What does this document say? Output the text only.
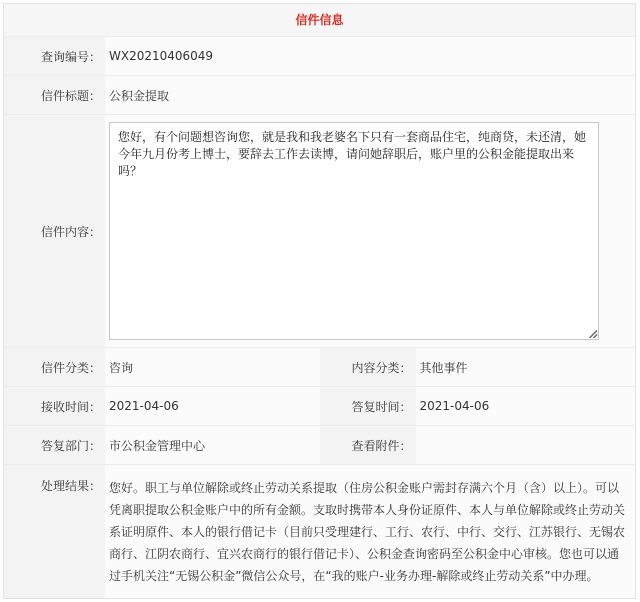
信件信息
查询编号： WX20210406049
信件标题： 公积金提取
信件内容：
您好，有个问题想咨询您，就是我和我老婆名下只有一套商品住宅，纯商贷，未还清，她今年九月份考上博士，要辞去工作去读博，请问她辞职后，账户里的公积金能提取出来吗？
信件分类： 咨询	内容分类： 其他事件
接收时间： 2021-04-06	答复时间： 2021-04-06
答复部门： 市公积金管理中心	查看附件：
处理结果： 您好。职工与单位解除或终止劳动关系提取（住房公积金账户需封存满六个月（含）以上）。可以凭离职提取公积金账户中的所有金额。支取时携带本人身份证原件、本人与单位解除或终止劳动关系证明原件、本人的银行借记卡（目前只受理建行、工行、农行、中行、交行、江苏银行、无锡农商行、江阴农商行、宜兴农商行的银行借记卡）、公积金查询密码至公积金中心审核。您也可以通过手机关注“无锡公积金”微信公众号，在“我的账户-业务办理-解除或终止劳动关系”中办理。
